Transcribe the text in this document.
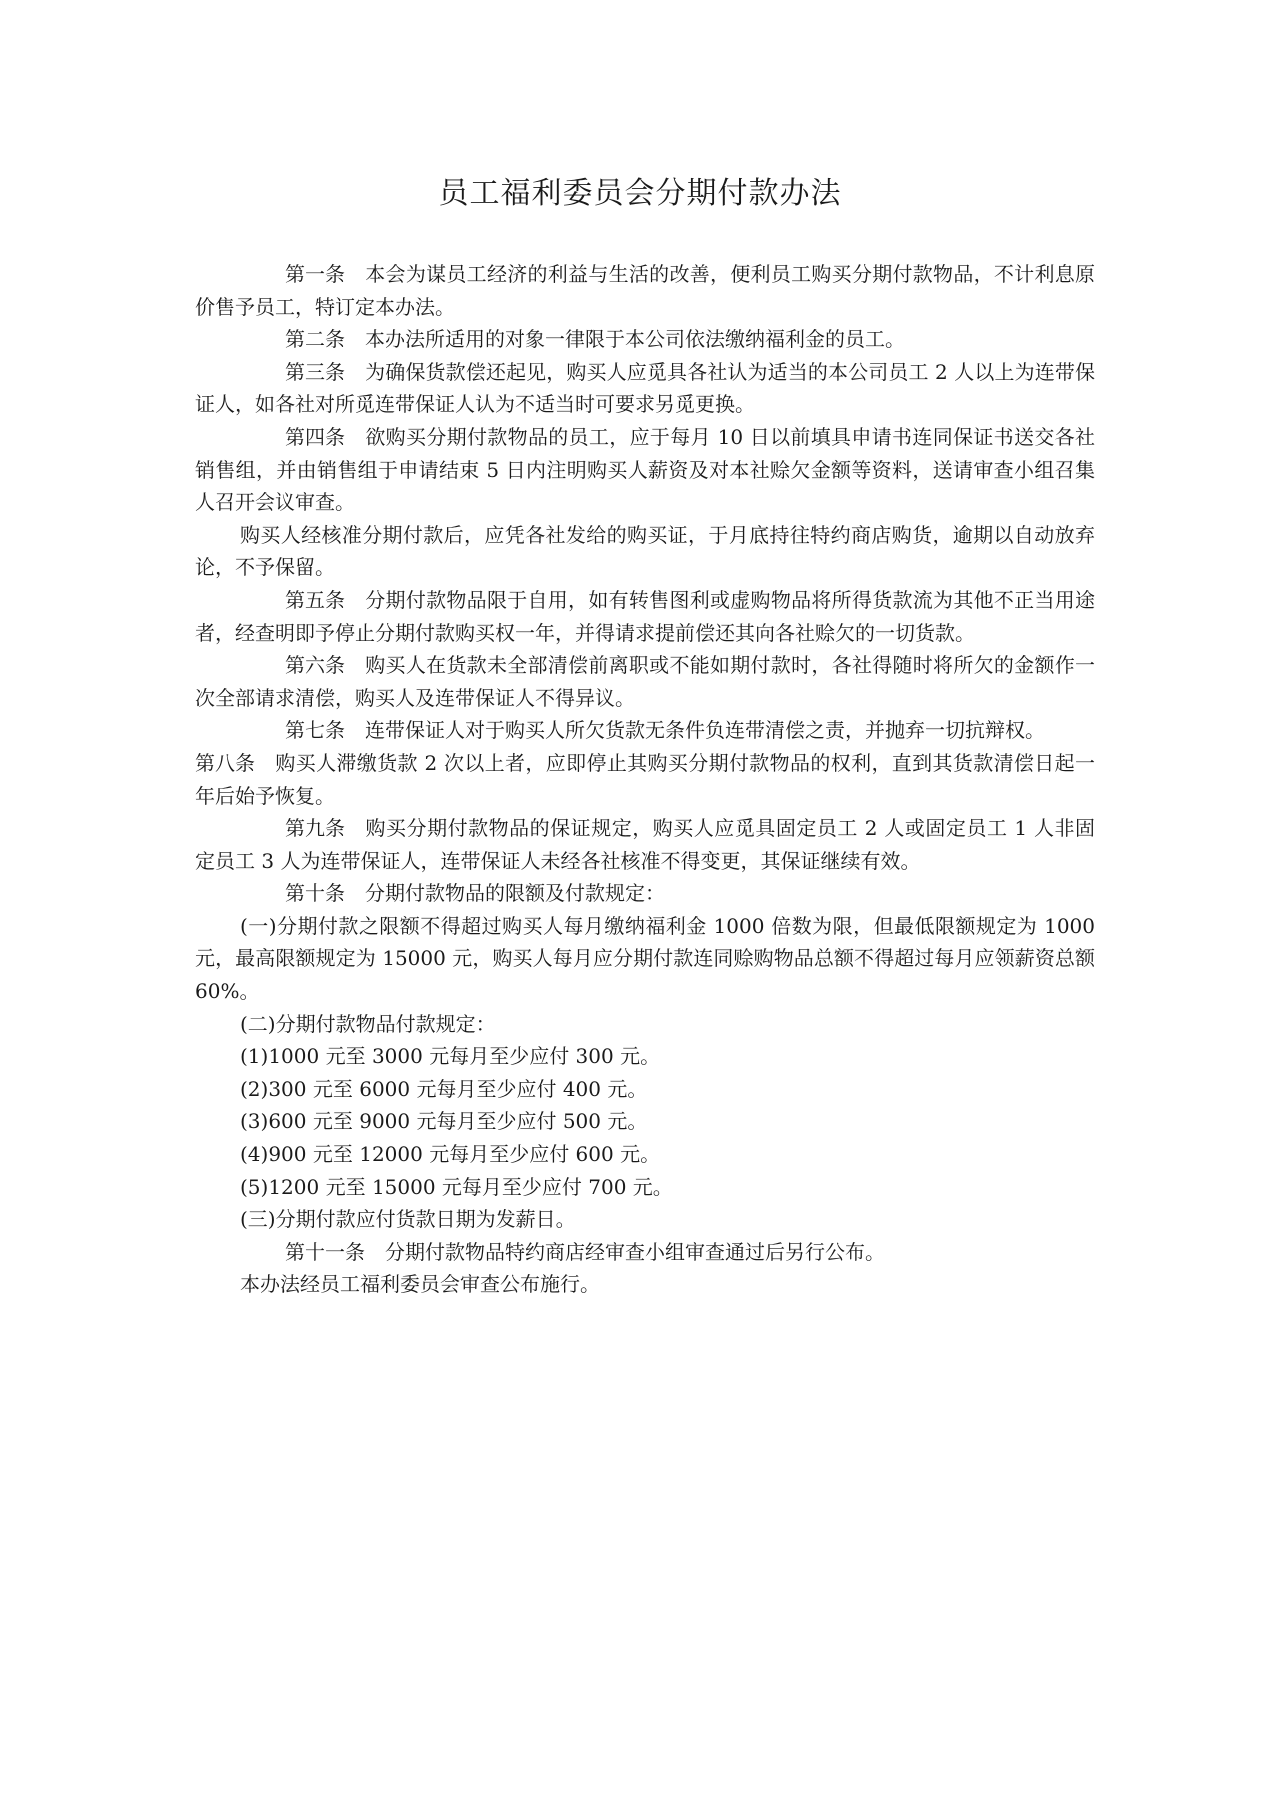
员工福利委员会分期付款办法

第一条 本会为谋员工经济的利益与生活的改善，便利员工购买分期付款物品，不计利息原价售予员工，特订定本办法。

第二条 本办法所适用的对象一律限于本公司依法缴纳福利金的员工。

第三条 为确保货款偿还起见，购买人应觅具各社认为适当的本公司员工 2 人以上为连带保证人，如各社对所觅连带保证人认为不适当时可要求另觅更换。

第四条 欲购买分期付款物品的员工，应于每月 10 日以前填具申请书连同保证书送交各社销售组，并由销售组于申请结束 5 日内注明购买人薪资及对本社赊欠金额等资料，送请审查小组召集人召开会议审查。

购买人经核准分期付款后，应凭各社发给的购买证，于月底持往特约商店购货，逾期以自动放弃论，不予保留。

第五条 分期付款物品限于自用，如有转售图利或虚购物品将所得货款流为其他不正当用途者，经查明即予停止分期付款购买权一年，并得请求提前偿还其向各社赊欠的一切货款。

第六条 购买人在货款未全部清偿前离职或不能如期付款时，各社得随时将所欠的金额作一次全部请求清偿，购买人及连带保证人不得异议。

第七条 连带保证人对于购买人所欠货款无条件负连带清偿之责，并抛弃一切抗辩权。

第八条 购买人滞缴货款 2 次以上者，应即停止其购买分期付款物品的权利，直到其货款清偿日起一年后始予恢复。

第九条 购买分期付款物品的保证规定，购买人应觅具固定员工 2 人或固定员工 1 人非固定员工 3 人为连带保证人，连带保证人未经各社核准不得变更，其保证继续有效。

第十条 分期付款物品的限额及付款规定：

(一)分期付款之限额不得超过购买人每月缴纳福利金 1000 倍数为限，但最低限额规定为 1000 元，最高限额规定为 15000 元，购买人每月应分期付款连同赊购物品总额不得超过每月应领薪资总额 60%。

(二)分期付款物品付款规定：

(1)1000 元至 3000 元每月至少应付 300 元。

(2)300 元至 6000 元每月至少应付 400 元。

(3)600 元至 9000 元每月至少应付 500 元。

(4)900 元至 12000 元每月至少应付 600 元。

(5)1200 元至 15000 元每月至少应付 700 元。

(三)分期付款应付货款日期为发薪日。

第十一条 分期付款物品特约商店经审查小组审查通过后另行公布。

本办法经员工福利委员会审查公布施行。
